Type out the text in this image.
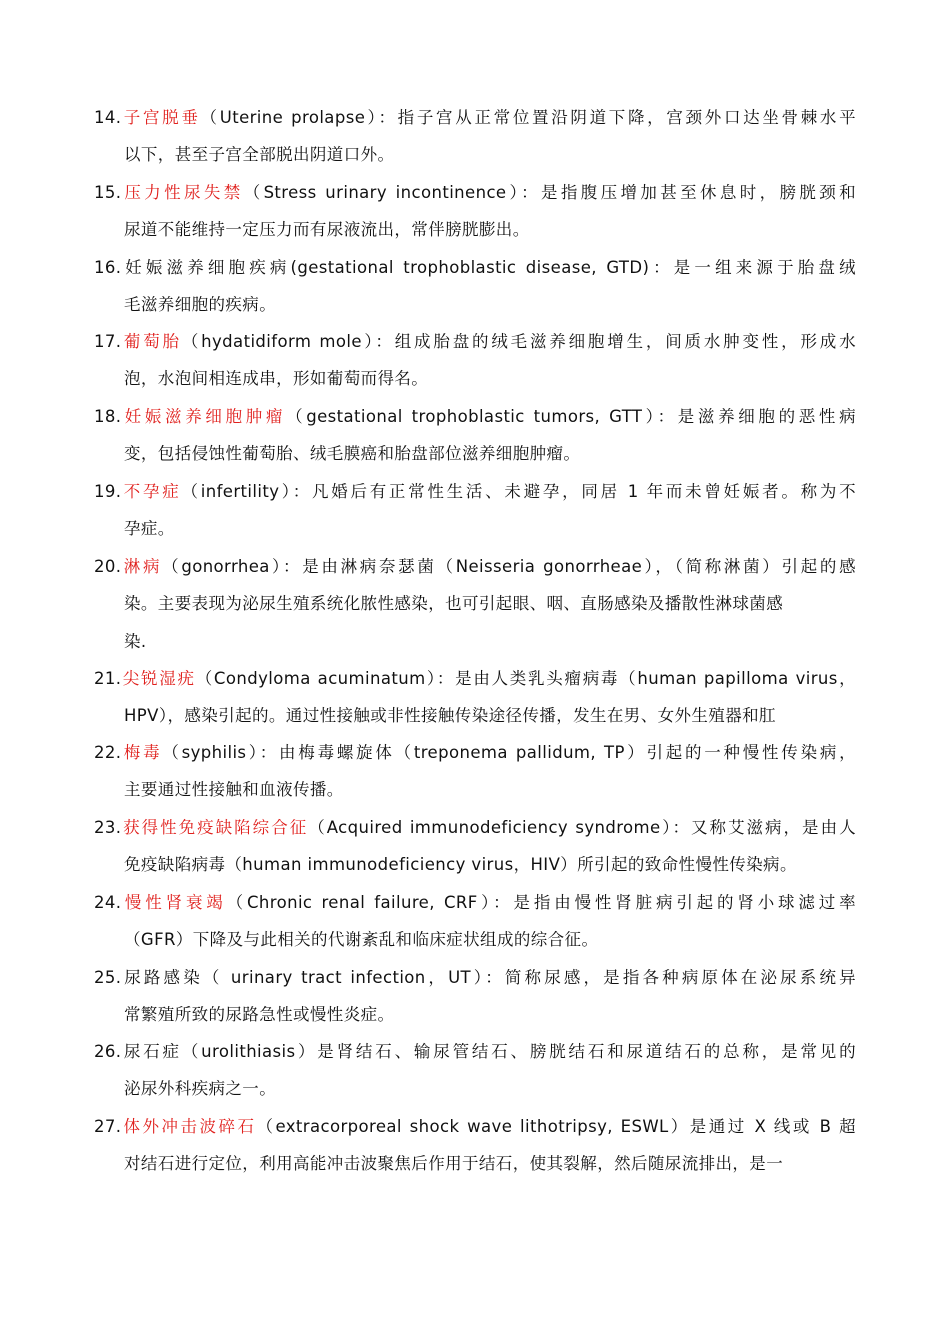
14.子宫脱垂（Uterine prolapse）：指子宫从正常位置沿阴道下降，宫颈外口达坐骨棘水平
以下，甚至子宫全部脱出阴道口外。
15.压力性尿失禁（Stress urinary incontinence）：是指腹压增加甚至休息时，膀胱颈和
尿道不能维持一定压力而有尿液流出，常伴膀胱膨出。
16.妊娠滋养细胞疾病(gestational trophoblastic disease, GTD)：是一组来源于胎盘绒
毛滋养细胞的疾病。
17.葡萄胎（hydatidiform mole）：组成胎盘的绒毛滋养细胞增生，间质水肿变性，形成水
泡，水泡间相连成串，形如葡萄而得名。
18.妊娠滋养细胞肿瘤（gestational trophoblastic tumors, GTT）：是滋养细胞的恶性病
变，包括侵蚀性葡萄胎、绒毛膜癌和胎盘部位滋养细胞肿瘤。
19.不孕症（infertility）：凡婚后有正常性生活、未避孕，同居 1 年而未曾妊娠者。称为不
孕症。
20.淋病（gonorrhea）：是由淋病奈瑟菌（Neisseria gonorrheae），（简称淋菌）引起的感
染。主要表现为泌尿生殖系统化脓性感染，也可引起眼、咽、直肠感染及播散性淋球菌感
染.
21.尖锐湿疣（Condyloma acuminatum）：是由人类乳头瘤病毒（human papilloma virus，
HPV），感染引起的。通过性接触或非性接触传染途径传播，发生在男、女外生殖器和肛
22.梅毒（syphilis）：由梅毒螺旋体（treponema pallidum, TP）引起的一种慢性传染病，
主要通过性接触和血液传播。
23.获得性免疫缺陷综合征（Acquired immunodeficiency syndrome）：又称艾滋病，是由人
免疫缺陷病毒（human immunodeficiency virus，HIV）所引起的致命性慢性传染病。
24.慢性肾衰竭（Chronic renal failure, CRF）：是指由慢性肾脏病引起的肾小球滤过率
（GFR）下降及与此相关的代谢紊乱和临床症状组成的综合征。
25.尿路感染（ urinary tract infection，UT）：简称尿感，是指各种病原体在泌尿系统异
常繁殖所致的尿路急性或慢性炎症。
26.尿石症（urolithiasis）是肾结石、输尿管结石、膀胱结石和尿道结石的总称，是常见的
泌尿外科疾病之一。
27.体外冲击波碎石（extracorporeal shock wave lithotripsy, ESWL）是通过 X 线或 B 超
对结石进行定位，利用高能冲击波聚焦后作用于结石，使其裂解，然后随尿流排出，是一
